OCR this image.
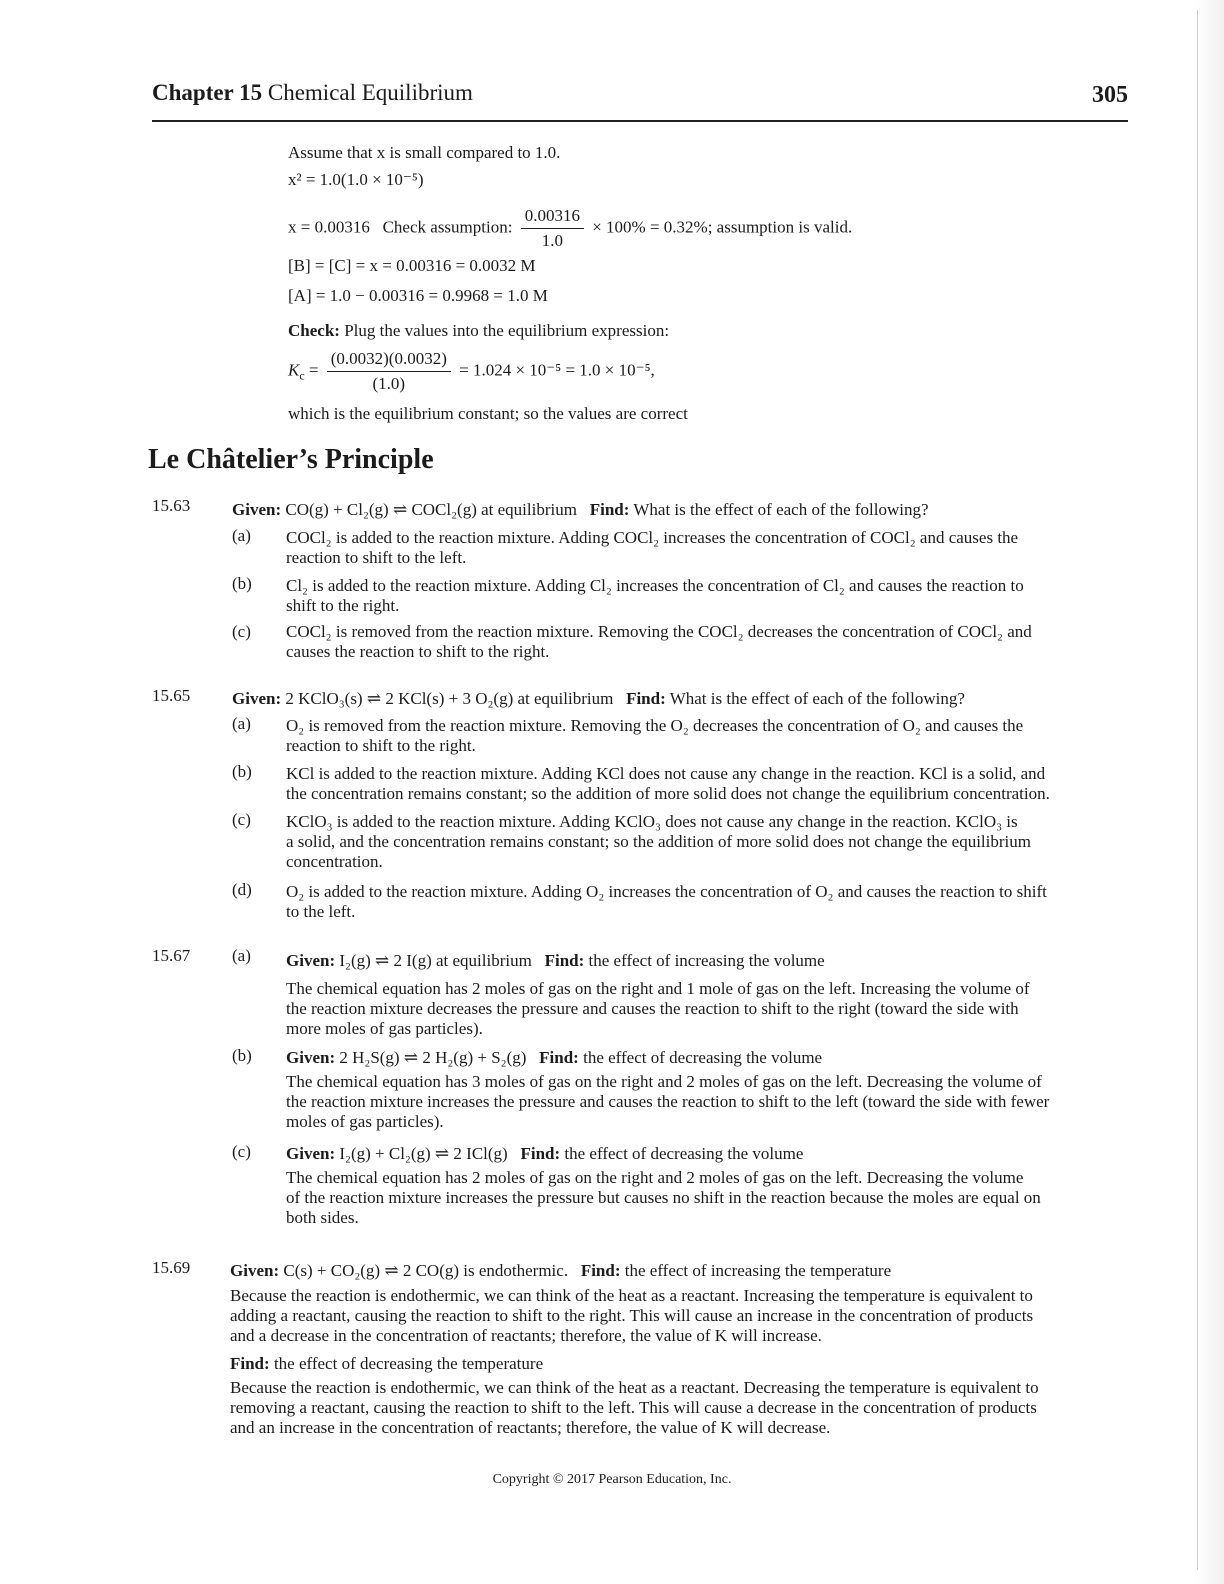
Chapter 15 Chemical Equilibrium	305
Assume that x is small compared to 1.0.
x² = 1.0(1.0 × 10⁻⁵)
x = 0.00316 Check assumption: $\frac{0.00316}{1.0} \times 100\% = 0.32\%$; assumption is valid.
[B] = [C] = x = 0.00316 = 0.0032 M
[A] = 1.0 − 0.00316 = 0.9968 = 1.0 M
Check: Plug the values into the equilibrium expression:
$K_c = \frac{(0.0032)(0.0032)}{(1.0)} = 1.024 \times 10^{-5} = 1.0 \times 10^{-5}$,
which is the equilibrium constant; so the values are correct
Le Châtelier’s Principle
15.63 Given: CO(g) + Cl₂(g) ⇌ COCl₂(g) at equilibrium Find: What is the effect of each of the following?
(a) COCl₂ is added to the reaction mixture. Adding COCl₂ increases the concentration of COCl₂ and causes the
reaction to shift to the left.
(b) Cl₂ is added to the reaction mixture. Adding Cl₂ increases the concentration of Cl₂ and causes the reaction to
shift to the right.
(c) COCl₂ is removed from the reaction mixture. Removing the COCl₂ decreases the concentration of COCl₂ and
causes the reaction to shift to the right.
15.65 Given: 2 KClO₃(s) ⇌ 2 KCl(s) + 3 O₂(g) at equilibrium Find: What is the effect of each of the following?
(a) O₂ is removed from the reaction mixture. Removing the O₂ decreases the concentration of O₂ and causes the
reaction to shift to the right.
(b) KCl is added to the reaction mixture. Adding KCl does not cause any change in the reaction. KCl is a solid, and
the concentration remains constant; so the addition of more solid does not change the equilibrium concentration.
(c) KClO₃ is added to the reaction mixture. Adding KClO₃ does not cause any change in the reaction. KClO₃ is
a solid, and the concentration remains constant; so the addition of more solid does not change the equilibrium
concentration.
(d) O₂ is added to the reaction mixture. Adding O₂ increases the concentration of O₂ and causes the reaction to shift
to the left.
15.67 (a) Given: I₂(g) ⇌ 2 I(g) at equilibrium Find: the effect of increasing the volume
The chemical equation has 2 moles of gas on the right and 1 mole of gas on the left. Increasing the volume of
the reaction mixture decreases the pressure and causes the reaction to shift to the right (toward the side with
more moles of gas particles).
(b) Given: 2 H₂S(g) ⇌ 2 H₂(g) + S₂(g) Find: the effect of decreasing the volume
The chemical equation has 3 moles of gas on the right and 2 moles of gas on the left. Decreasing the volume of
the reaction mixture increases the pressure and causes the reaction to shift to the left (toward the side with fewer
moles of gas particles).
(c) Given: I₂(g) + Cl₂(g) ⇌ 2 ICl(g) Find: the effect of decreasing the volume
The chemical equation has 2 moles of gas on the right and 2 moles of gas on the left. Decreasing the volume
of the reaction mixture increases the pressure but causes no shift in the reaction because the moles are equal on
both sides.
15.69 Given: C(s) + CO₂(g) ⇌ 2 CO(g) is endothermic. Find: the effect of increasing the temperature
Because the reaction is endothermic, we can think of the heat as a reactant. Increasing the temperature is equivalent to
adding a reactant, causing the reaction to shift to the right. This will cause an increase in the concentration of products
and a decrease in the concentration of reactants; therefore, the value of K will increase.
Find: the effect of decreasing the temperature
Because the reaction is endothermic, we can think of the heat as a reactant. Decreasing the temperature is equivalent to
removing a reactant, causing the reaction to shift to the left. This will cause a decrease in the concentration of products
and an increase in the concentration of reactants; therefore, the value of K will decrease.
Copyright © 2017 Pearson Education, Inc.
